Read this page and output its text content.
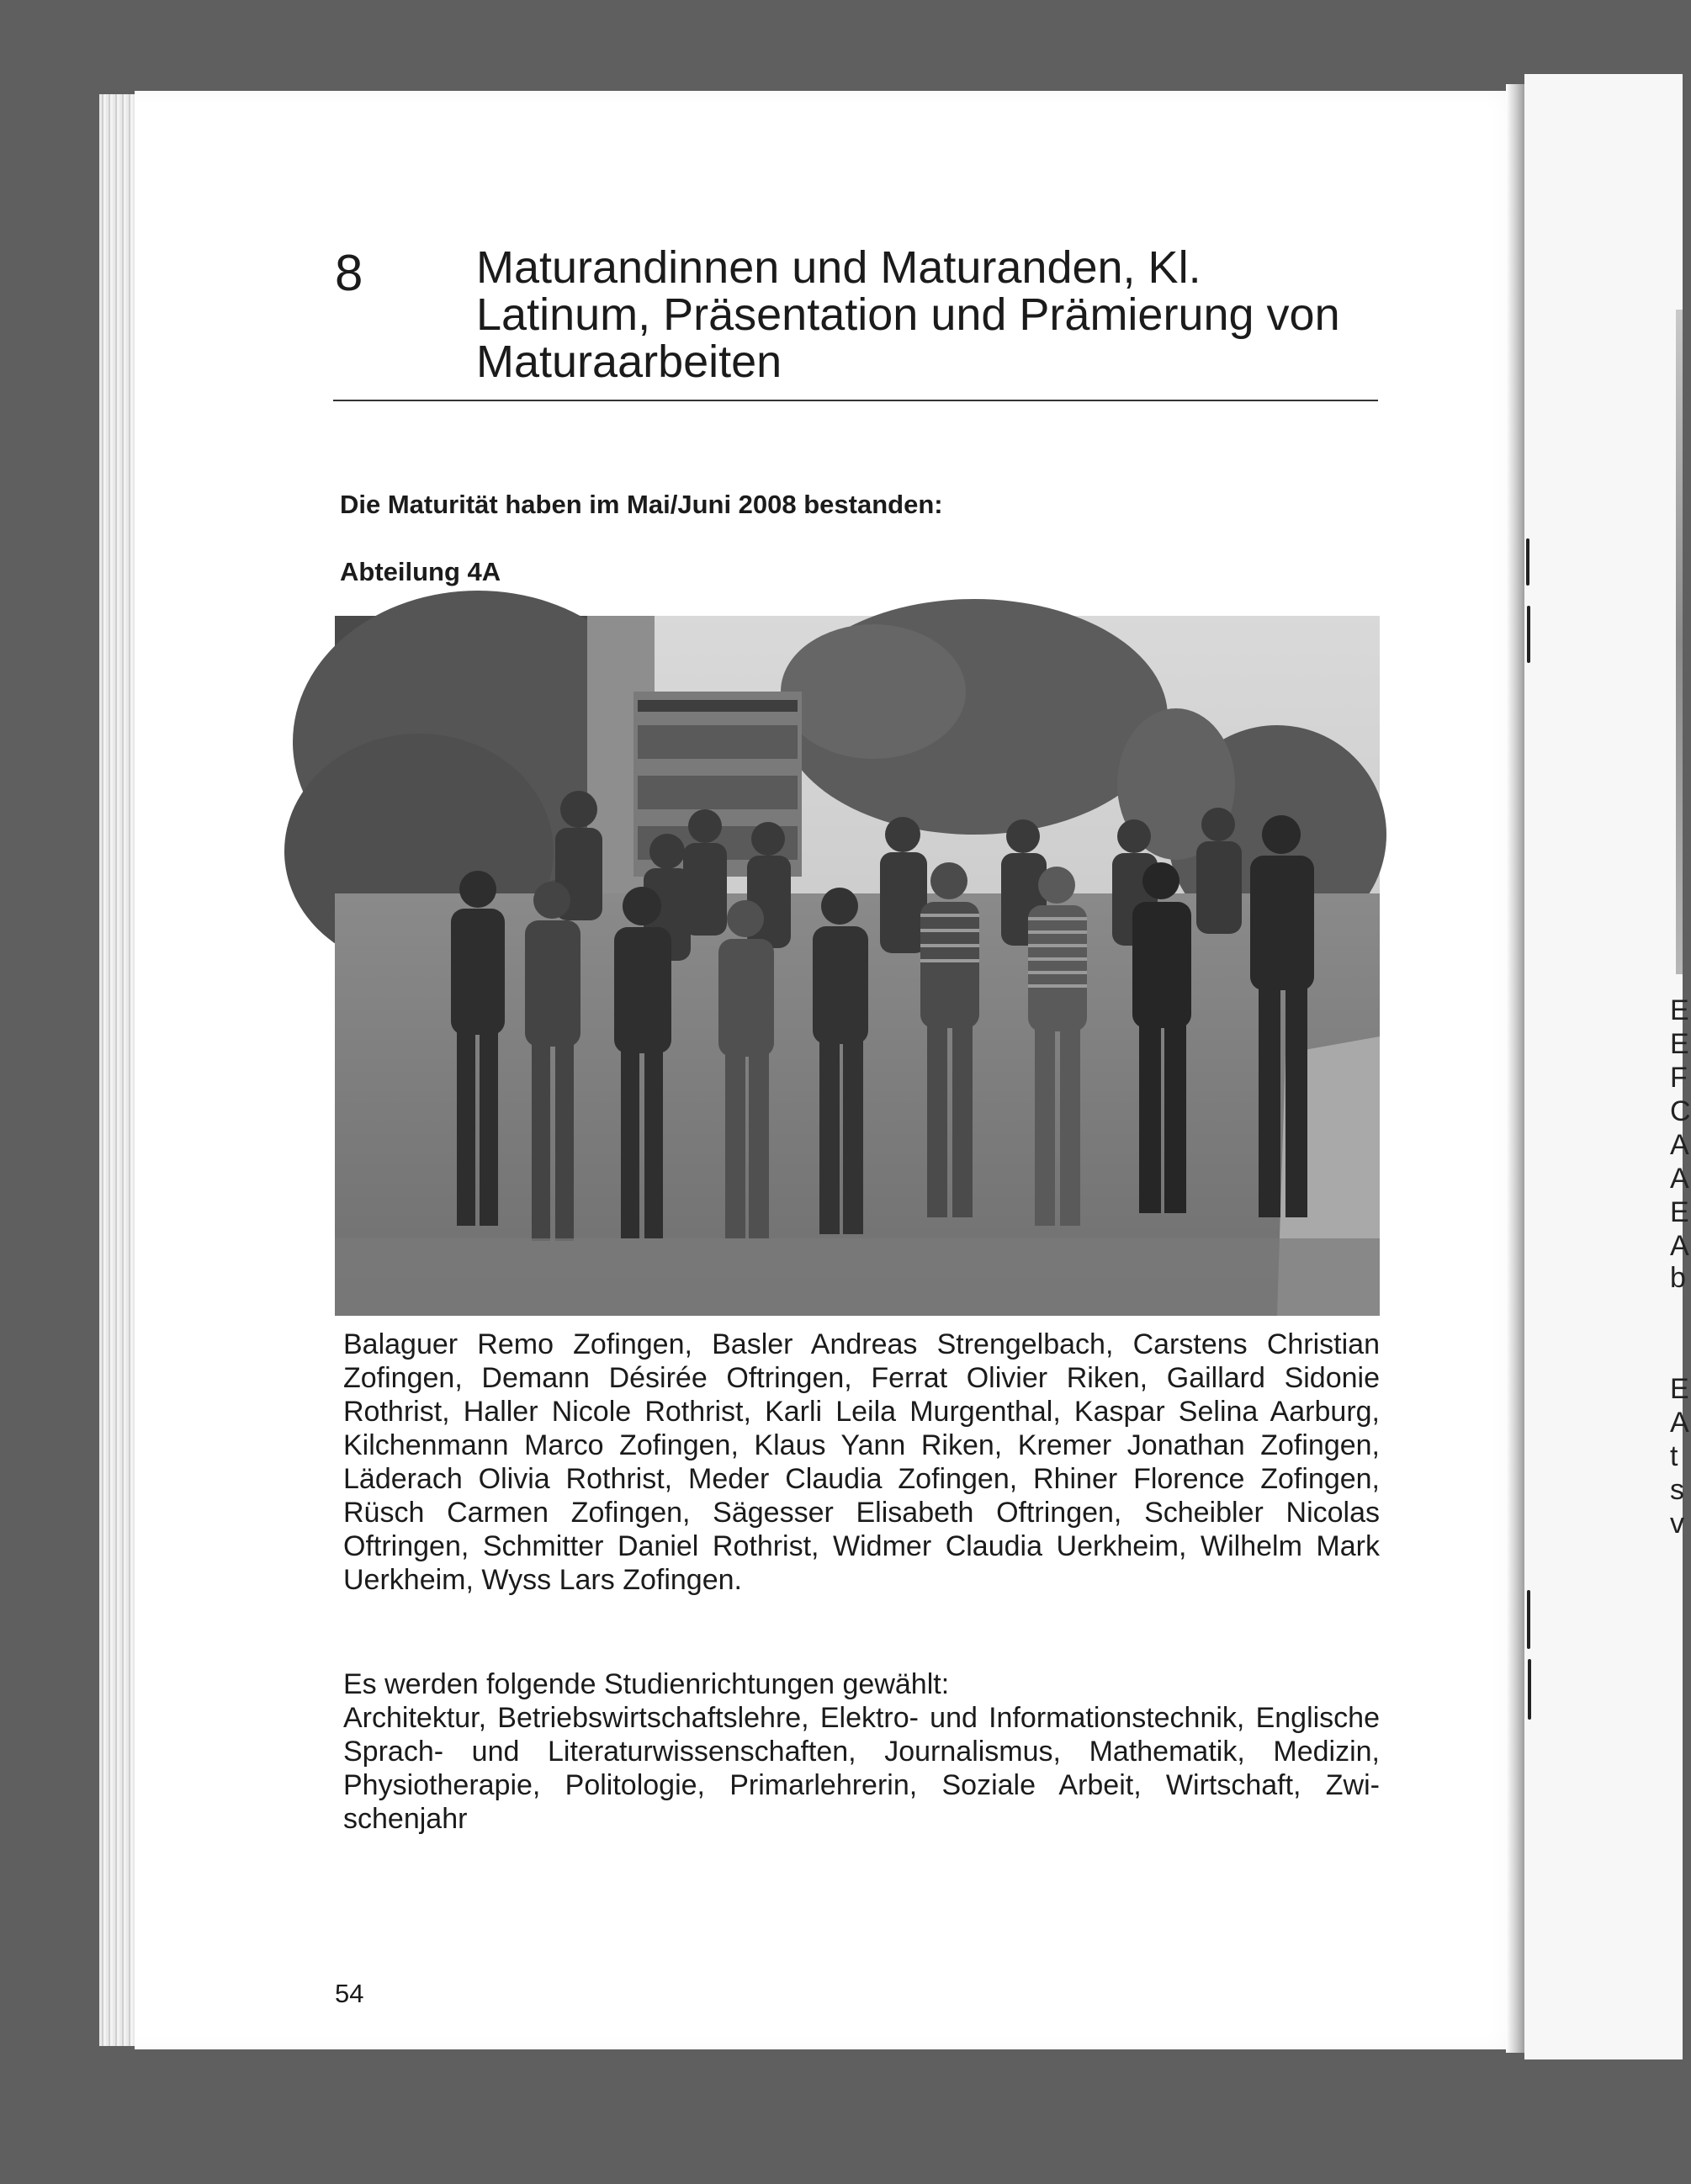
E
E
F
C
A
A
E
A
b
E
A
t
s
v
8 Maturandinnen und Maturanden, Kl. Latinum, Präsentation und Prämierung von Maturaarbeiten
Die Maturität haben im Mai/Juni 2008 bestanden:
Abteilung 4A
Balaguer Remo Zofingen, Basler Andreas Strengelbach, Carstens Christian Zofingen, Demann Désirée Oftringen, Ferrat Olivier Riken, Gaillard Sidonie Rothrist, Haller Nicole Rothrist, Karli Leila Murgenthal, Kaspar Selina Aarburg, Kilchenmann Marco Zofingen, Klaus Yann Riken, Kremer Jonathan Zofingen, Läderach Olivia Rothrist, Meder Claudia Zofingen, Rhiner Florence Zofingen, Rüsch Carmen Zofingen, Sägesser Elisabeth Oftringen, Scheibler Nicolas Oftringen, Schmitter Daniel Rothrist, Widmer Claudia Uerkheim, Wilhelm Mark Uerkheim, Wyss Lars Zofingen.
Es werden folgende Studienrichtungen gewählt:
Architektur, Betriebswirtschaftslehre, Elektro- und Informationstechnik, Englische Sprach- und Literaturwissenschaften, Journalismus, Mathematik, Medizin, Physiotherapie, Politologie, Primarlehrerin, Soziale Arbeit, Wirtschaft, Zwischenjahr
54
